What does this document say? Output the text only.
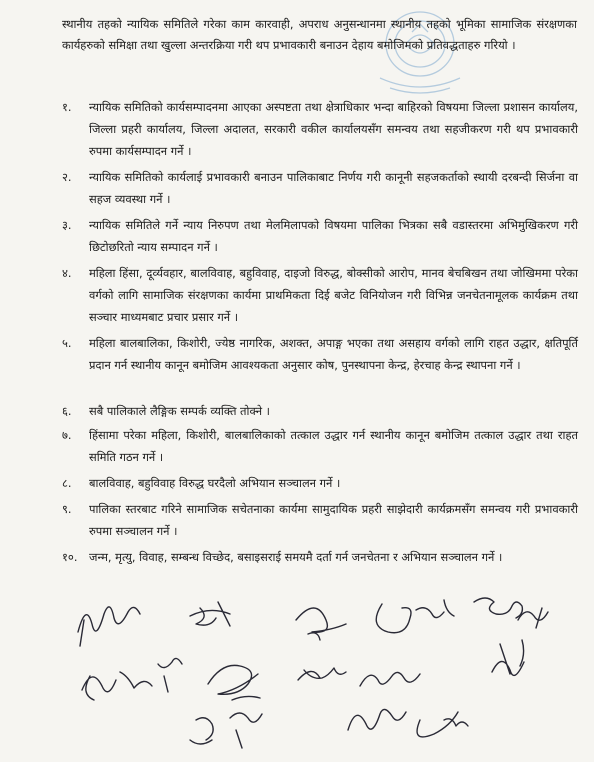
स्थानीय तहको न्यायिक समितिले गरेका काम कारवाही, अपराध अनुसन्धानमा स्थानीय तहको भूमिका सामाजिक संरक्षणका कार्यहरुको समिक्षा तथा खुल्ला अन्तरक्रिया गरी थप प्रभावकारी बनाउन देहाय बमोजिमको प्रतिवद्धताहरु गरियो ।
१.	न्यायिक समितिको कार्यसम्पादनमा आएका अस्पष्टता तथा क्षेत्राधिकार भन्दा बाहिरको विषयमा जिल्ला प्रशासन कार्यालय, जिल्ला प्रहरी कार्यालय, जिल्ला अदालत, सरकारी वकील कार्यालयसँग समन्वय तथा सहजीकरण गरी थप प्रभावकारी रुपमा कार्यसम्पादन गर्ने ।
२.	न्यायिक समितिको कार्यलाई प्रभावकारी बनाउन पालिकाबाट निर्णय गरी कानूनी सहजकर्ताको स्थायी दरबन्दी सिर्जना वा सहज व्यवस्था गर्ने ।
३.	न्यायिक समितिले गर्ने न्याय निरुपण तथा मेलमिलापको विषयमा पालिका भित्रका सबै वडास्तरमा अभिमुखिकरण गरी छिटोछरितो न्याय सम्पादन गर्ने ।
४.	महिला हिंसा, दूर्व्यवहार, बालविवाह, बहुविवाह, दाइजो विरुद्ध, बोक्सीको आरोप, मानव बेचबिखन तथा जोखिममा परेका वर्गको लागि सामाजिक संरक्षणका कार्यमा प्राथमिकता दिई बजेट विनियोजन गरी विभिन्न जनचेतनामूलक कार्यक्रम तथा सञ्चार माध्यमबाट प्रचार प्रसार गर्ने ।
५.	महिला बालबालिका, किशोरी, ज्येष्ठ नागरिक, अशक्त, अपाङ्ग भएका तथा असहाय वर्गको लागि राहत उद्धार, क्षतिपूर्ति प्रदान गर्न स्थानीय कानून बमोजिम आवश्यकता अनुसार कोष, पुनस्थापना केन्द्र, हेरचाह केन्द्र स्थापना गर्ने ।
६.	सबै पालिकाले लैङ्गिक सम्पर्क व्यक्ति तोक्ने ।
७.	हिंसामा परेका महिला, किशोरी, बालबालिकाको तत्काल उद्धार गर्न स्थानीय कानून बमोजिम तत्काल उद्धार तथा राहत समिति गठन गर्ने ।
८.	बालविवाह, बहुविवाह विरुद्ध घरदैलो अभियान सञ्चालन गर्ने ।
९.	पालिका स्तरबाट गरिने सामाजिक सचेतनाका कार्यमा सामुदायिक प्रहरी साझेदारी कार्यक्रमसँग समन्वय गरी प्रभावकारी रुपमा सञ्चालन गर्ने ।
१०.	जन्म, मृत्यु, विवाह, सम्बन्ध विच्छेद, बसाइसराई समयमै दर्ता गर्न जनचेतना र अभियान सञ्चालन गर्ने ।
